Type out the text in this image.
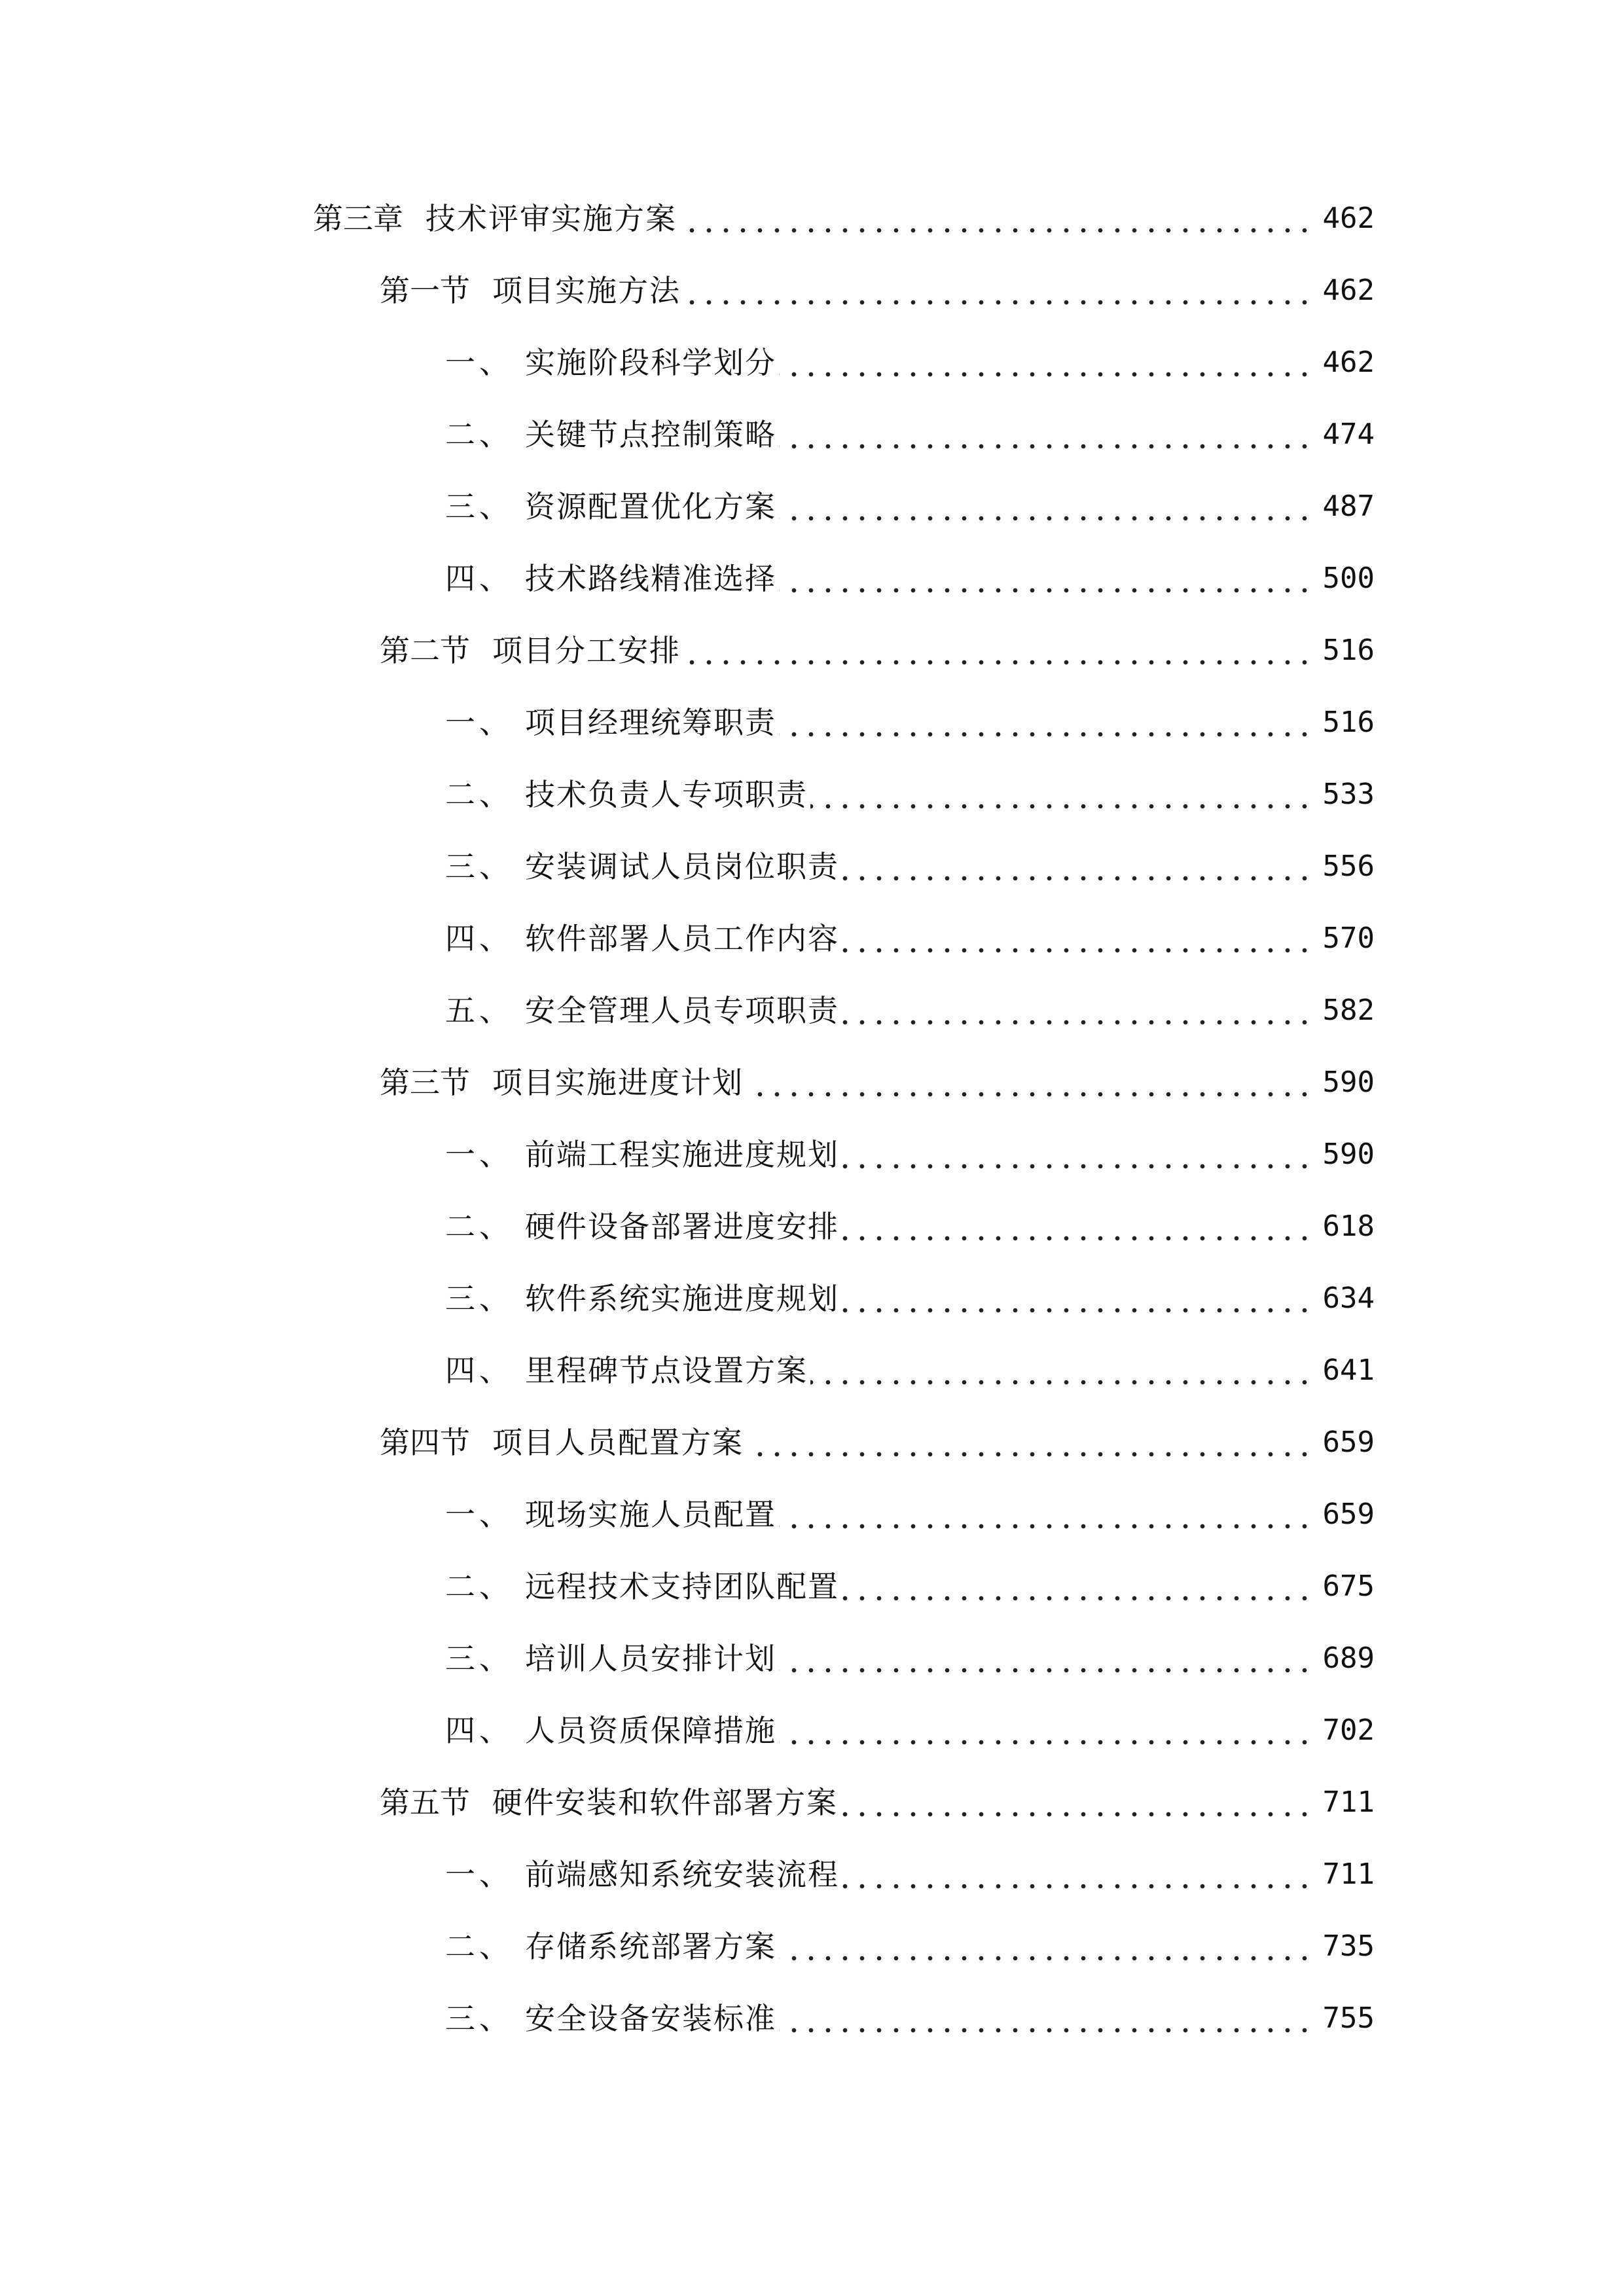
第三章 技术评审实施方案	462
第一节 项目实施方法	462
一、 实施阶段科学划分	462
二、 关键节点控制策略	474
三、 资源配置优化方案	487
四、 技术路线精准选择	500
第二节 项目分工安排	516
一、 项目经理统筹职责	516
二、 技术负责人专项职责	533
三、 安装调试人员岗位职责	556
四、 软件部署人员工作内容	570
五、 安全管理人员专项职责	582
第三节 项目实施进度计划	590
一、 前端工程实施进度规划	590
二、 硬件设备部署进度安排	618
三、 软件系统实施进度规划	634
四、 里程碑节点设置方案	641
第四节 项目人员配置方案	659
一、 现场实施人员配置	659
二、 远程技术支持团队配置	675
三、 培训人员安排计划	689
四、 人员资质保障措施	702
第五节 硬件安装和软件部署方案	711
一、 前端感知系统安装流程	711
二、 存储系统部署方案	735
三、 安全设备安装标准	755
